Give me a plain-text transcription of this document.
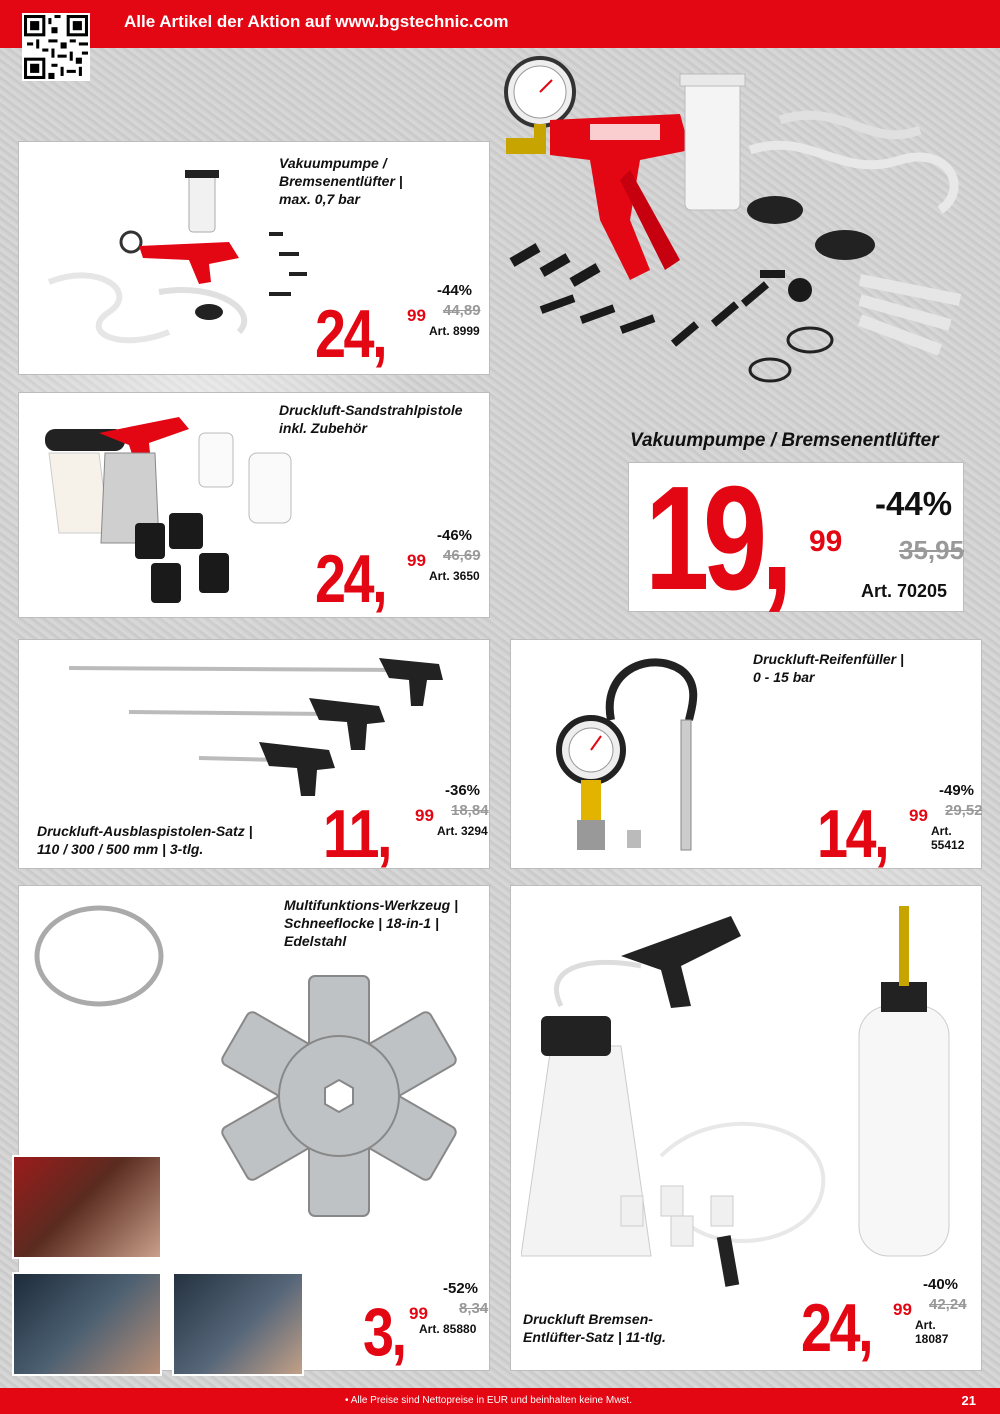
Alle Artikel der Aktion auf www.bgstechnic.com
Vakuumpumpe /
Bremsenentlüfter |
max. 0,7 bar
24, 99
-44%
44,89
Art. 8999
Druckluft-Sandstrahlpistole
inkl. Zubehör
24, 99
-46%
46,69
Art. 3650
Vakuumpumpe / Bremsenentlüfter
19, 99
-44%
35,95
Art. 70205
Druckluft-Ausblaspistolen-Satz |
110 / 300 / 500 mm | 3-tlg.	11, 99
-36%
18,84
Art. 3294
Druckluft-Reifenfüller |
0 - 15 bar
14, 99
-49%
29,52
Art. 55412
Multifunktions-Werkzeug |
Schneeflocke | 18-in-1 |
Edelstahl
3, 99
-52%
8,34
Art. 85880
Druckluft Bremsen-
Entlüfter-Satz | 11-tlg. 24, 99
-40%
42,24
Art. 18087
• Alle Preise sind Nettopreise in EUR und beinhalten keine Mwst.	21
